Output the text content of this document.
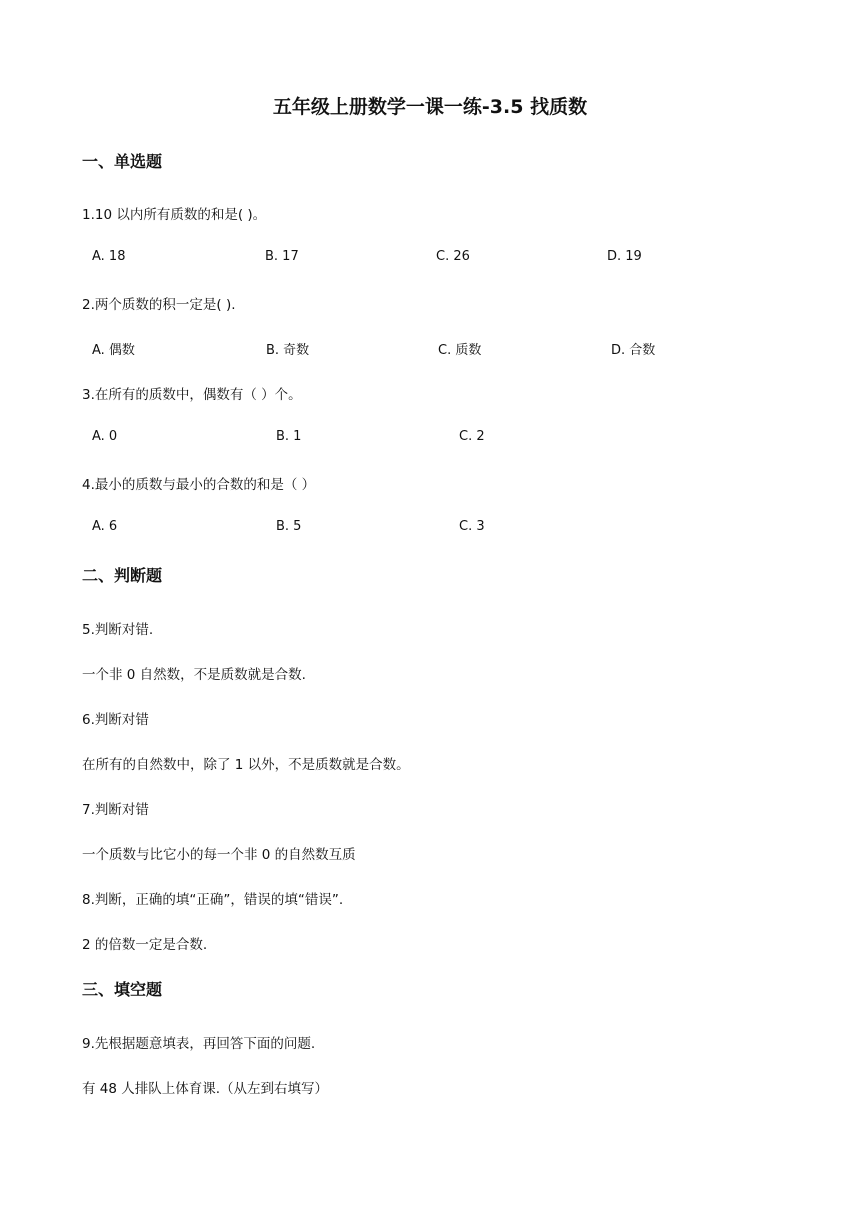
五年级上册数学一课一练-3.5 找质数
一、单选题
1.10 以内所有质数的和是( )。
A. 18	B. 17	C. 26	D. 19
2.两个质数的积一定是( ).
A. 偶数	B. 奇数	C. 质数	D. 合数
3.在所有的质数中，偶数有（ ）个。
A. 0	B. 1	C. 2
4.最小的质数与最小的合数的和是（ ）
A. 6	B. 5	C. 3
二、判断题
5.判断对错.
一个非 0 自然数，不是质数就是合数.
6.判断对错
在所有的自然数中，除了 1 以外，不是质数就是合数。
7.判断对错
一个质数与比它小的每一个非 0 的自然数互质
8.判断，正确的填“正确”，错误的填“错误”.
2 的倍数一定是合数.
三、填空题
9.先根据题意填表，再回答下面的问题.
有 48 人排队上体育课.（从左到右填写）
